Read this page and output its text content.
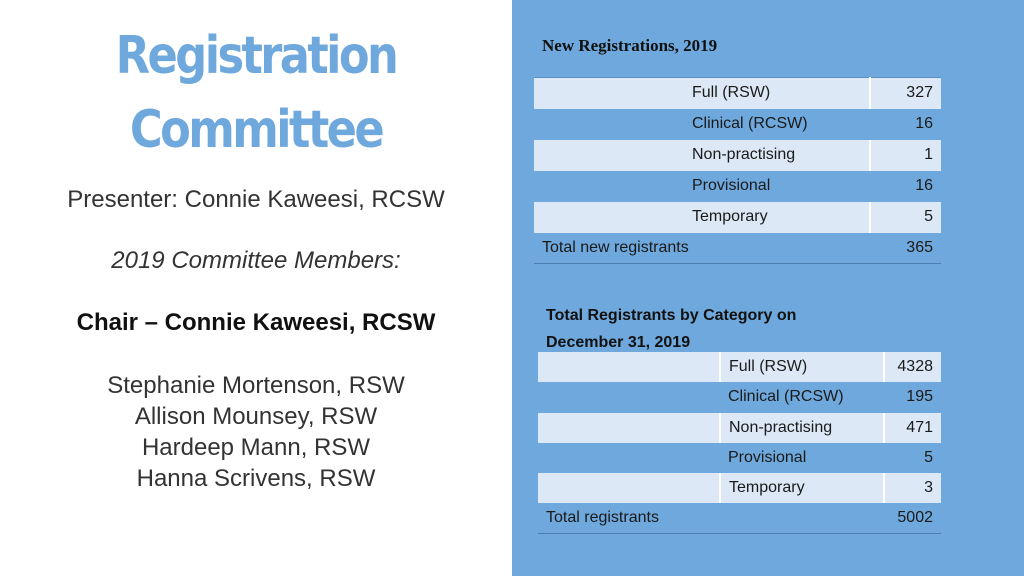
Registration
Committee
Presenter: Connie Kaweesi, RCSW
2019 Committee Members:
Chair – Connie Kaweesi, RCSW
Stephanie Mortenson, RSW
Allison Mounsey, RSW
Hardeep Mann, RSW
Hanna Scrivens, RSW
New Registrations, 2019
	Full (RSW)	327
	Clinical (RCSW)	16
	Non-practising	1
	Provisional	16
	Temporary	5
Total new registrants		365
Total Registrants by Category on December 31, 2019
	Full (RSW)	4328
	Clinical (RCSW)	195
	Non-practising	471
	Provisional	5
	Temporary	3
Total registrants		5002
